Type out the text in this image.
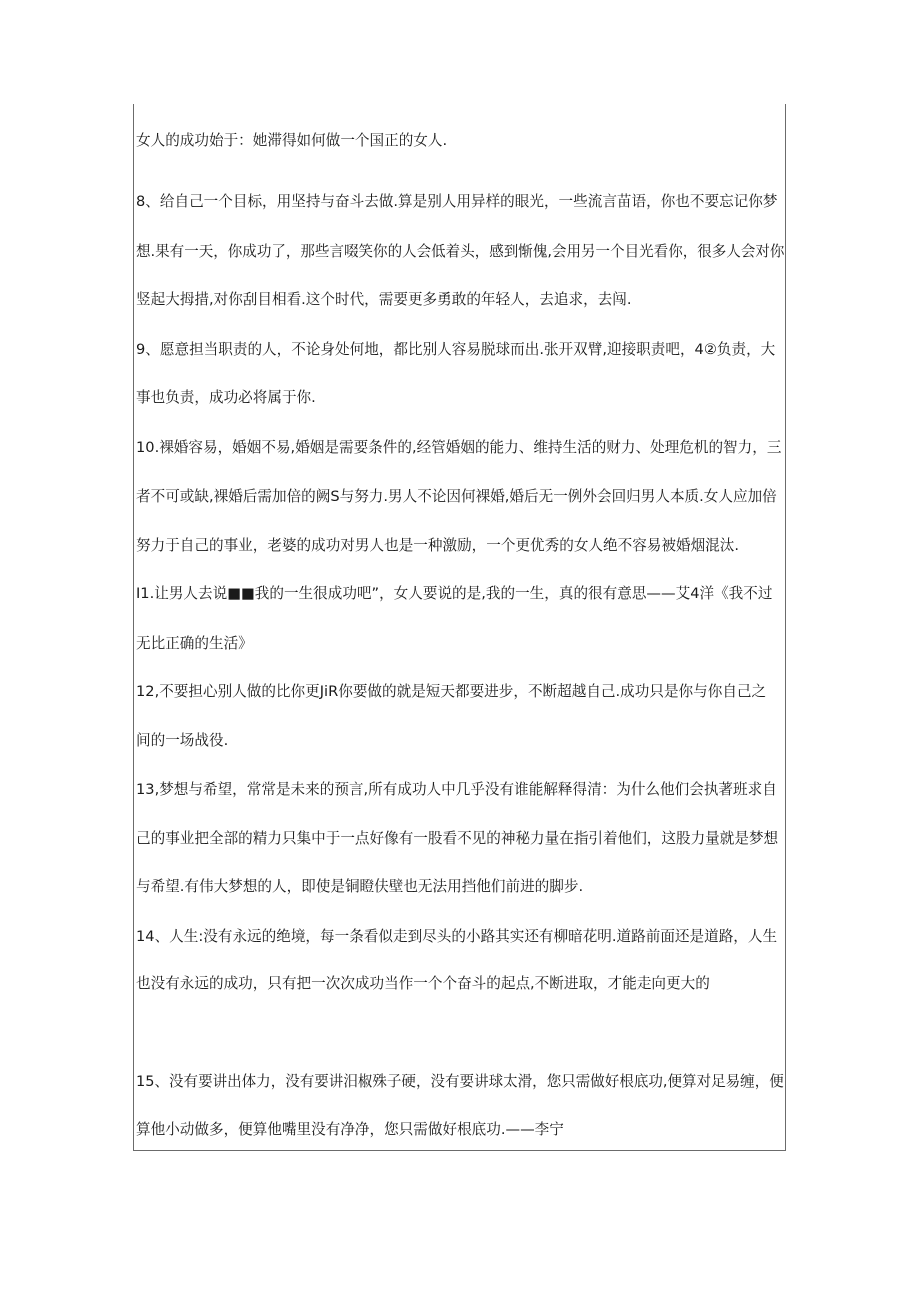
女人的成功始于：她滞得如何做一个国正的女人.
8、给自己一个目标，用坚持与奋斗去做.算是别人用异样的眼光，一些流言苗语，你也不要忘记你梦
想.果有一天，你成功了，那些言啜笑你的人会低着头，感到惭傀,会用另一个目光看你，很多人会对你
竖起大拇措,对你刮目相看.这个时代，需要更多勇敢的年轻人，去追求，去闯.
9、愿意担当职责的人，不论身处何地，都比别人容易脱球而出.张开双臂,迎接职责吧，4②负责，大
事也负责，成功必将属于你.
10.裸婚容易，婚姻不易,婚姻是需要条件的,经管婚姻的能力、维持生活的财力、处理危机的智力，三
者不可或缺,裸婚后需加倍的阙S与努力.男人不论因何裸婚,婚后无一例外会回归男人本质.女人应加倍
努力于自己的事业，老婆的成功对男人也是一种激励，一个更优秀的女人绝不容易被婚烟混汰.
I1.让男人去说■■我的一生很成功吧”，女人要说的是,我的一生，真的很有意思——艾4洋《我不过
无比正确的生活》
12,不要担心别人做的比你更JiR你要做的就是短天都要进步，不断超越自己.成功只是你与你自己之
间的一场战役.
13,梦想与希望，常常是未来的预言,所有成功人中几乎没有谁能解释得清：为什么他们会执著班求自
己的事业把全部的精力只集中于一点好像有一股看不见的神秘力量在指引着他们，这股力量就是梦想
与希望.有伟大梦想的人，即使是铜瞪伕壁也无法用挡他们前进的脚步.
14、人生:没有永远的绝境，每一条看似走到尽头的小路其实还有柳暗花明.道路前面还是道路，人生
也没有永远的成功，只有把一次次成功当作一个个奋斗的起点,不断进取，才能走向更大的
15、没有要讲出体力，没有要讲汨椒殊子硬，没有要讲球太滑，您只需做好根底功,便算对足易缠，便
算他小动做多，便算他嘴里没有净净，您只需做好根底功.——李宁
